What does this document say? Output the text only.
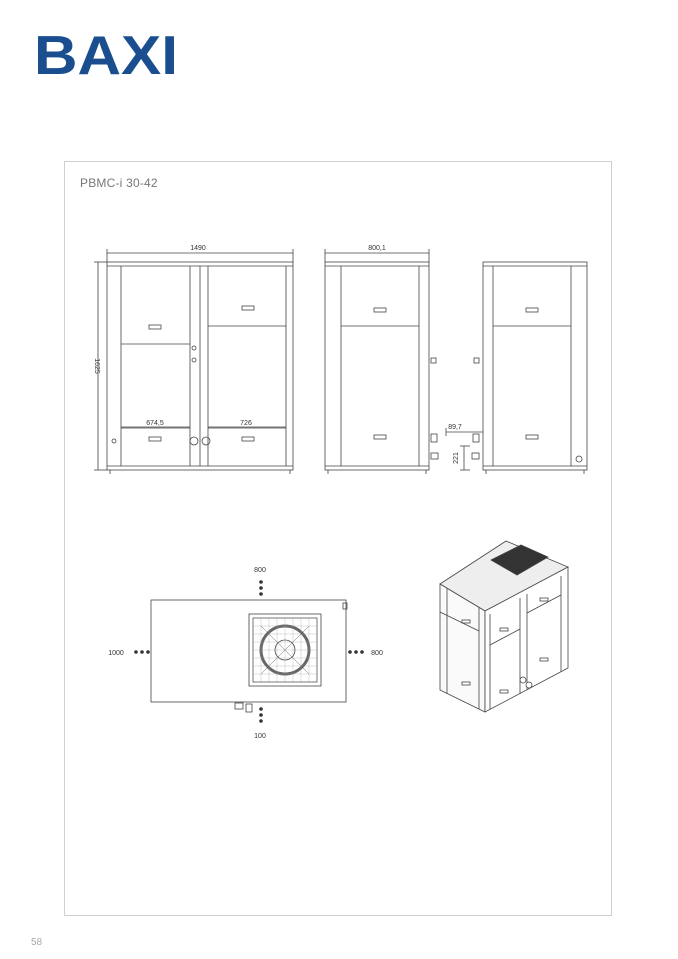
BAXI
PBMC-i 30-42
58
1490	800,1
1625
674,5	726
89,7
221
800
1000	800
100
